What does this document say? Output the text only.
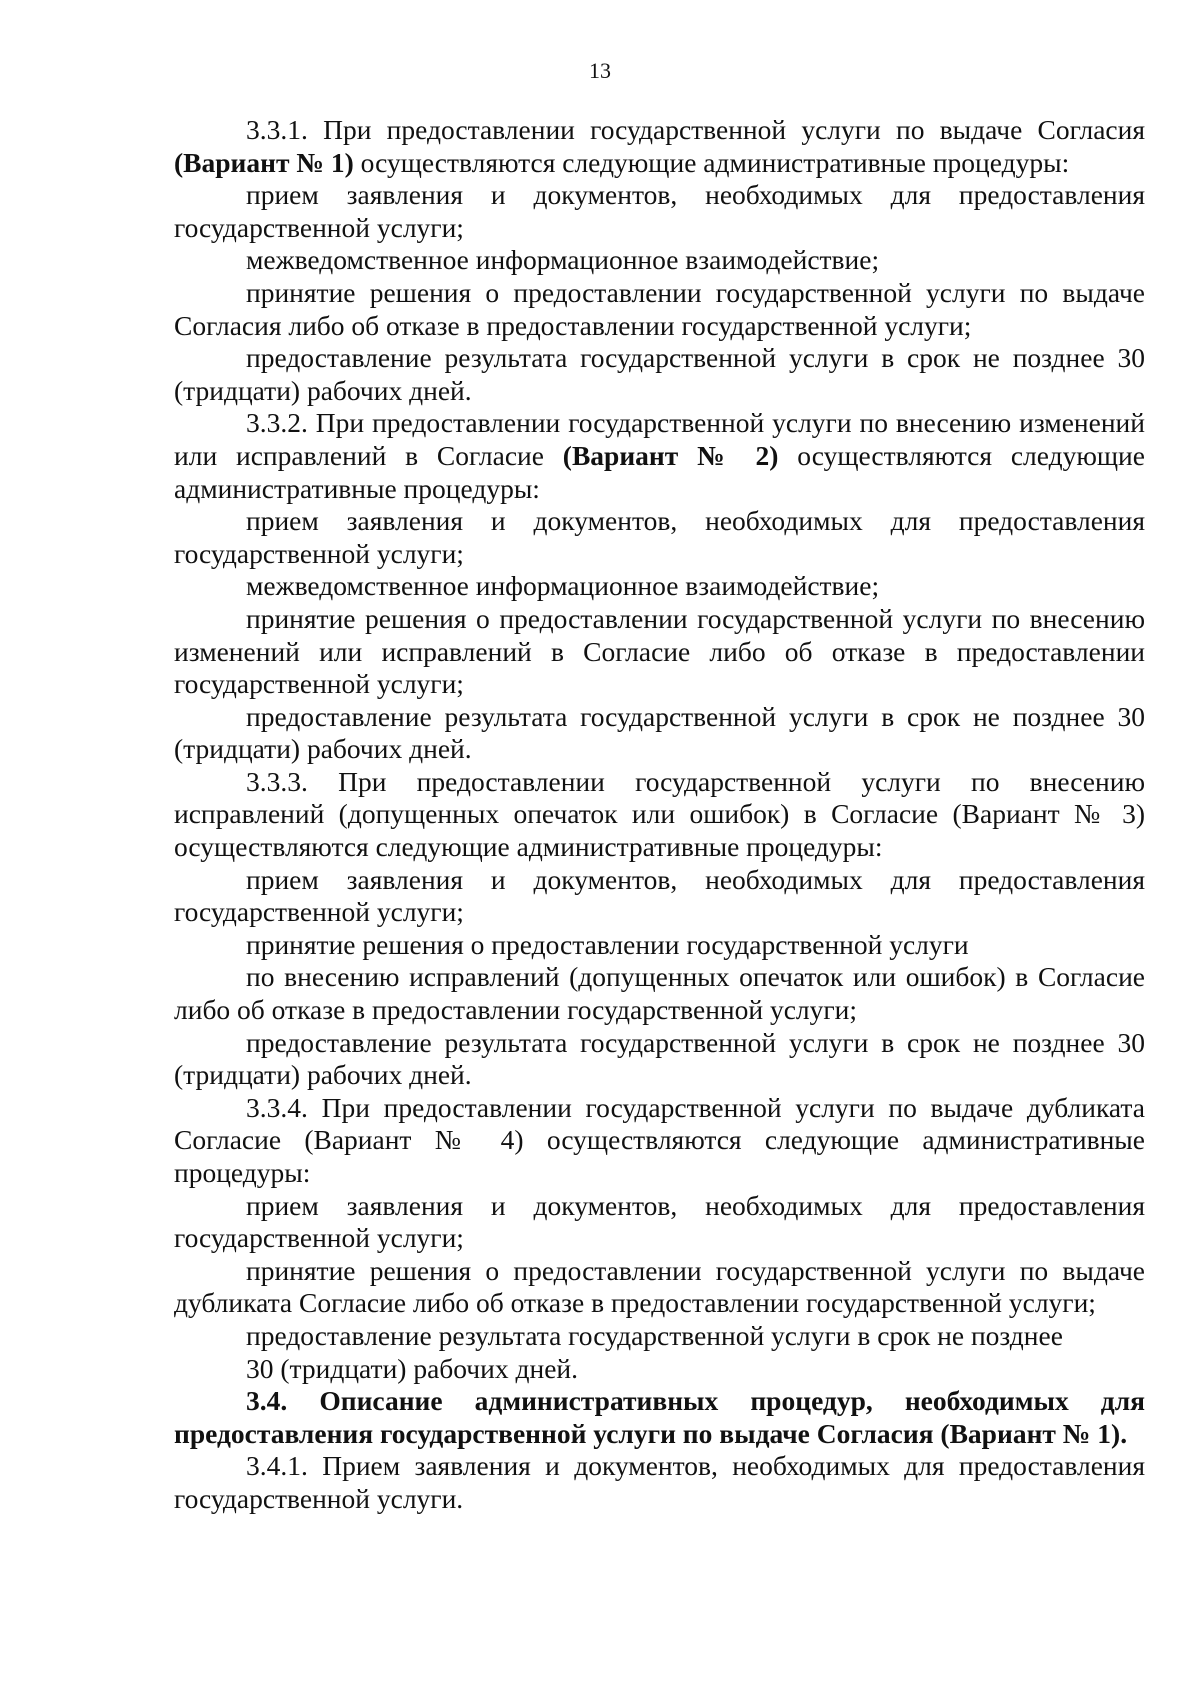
13

3.3.1. При предоставлении государственной услуги по выдаче Согласия (Вариант № 1) осуществляются следующие административные процедуры:

прием заявления и документов, необходимых для предоставления государственной услуги;

межведомственное информационное взаимодействие;

принятие решения о предоставлении государственной услуги по выдаче Согласия либо об отказе в предоставлении государственной услуги;

предоставление результата государственной услуги в срок не позднее 30 (тридцати) рабочих дней.

3.3.2. При предоставлении государственной услуги по внесению изменений или исправлений в Согласие (Вариант № 2) осуществляются следующие административные процедуры:

прием заявления и документов, необходимых для предоставления государственной услуги;

межведомственное информационное взаимодействие;

принятие решения о предоставлении государственной услуги по внесению изменений или исправлений в Согласие либо об отказе в предоставлении государственной услуги;

предоставление результата государственной услуги в срок не позднее 30 (тридцати) рабочих дней.

3.3.3. При предоставлении государственной услуги по внесению исправлений (допущенных опечаток или ошибок) в Согласие (Вариант № 3) осуществляются следующие административные процедуры:

прием заявления и документов, необходимых для предоставления государственной услуги;

принятие решения о предоставлении государственной услуги

по внесению исправлений (допущенных опечаток или ошибок) в Согласие либо об отказе в предоставлении государственной услуги;

предоставление результата государственной услуги в срок не позднее 30 (тридцати) рабочих дней.

3.3.4. При предоставлении государственной услуги по выдаче дубликата Согласие (Вариант № 4) осуществляются следующие административные процедуры:

прием заявления и документов, необходимых для предоставления государственной услуги;

принятие решения о предоставлении государственной услуги по выдаче дубликата Согласие либо об отказе в предоставлении государственной услуги;

предоставление результата государственной услуги в срок не позднее

30 (тридцати) рабочих дней.

3.4. Описание административных процедур, необходимых для предоставления государственной услуги по выдаче Согласия (Вариант № 1).

3.4.1. Прием заявления и документов, необходимых для предоставления государственной услуги.
